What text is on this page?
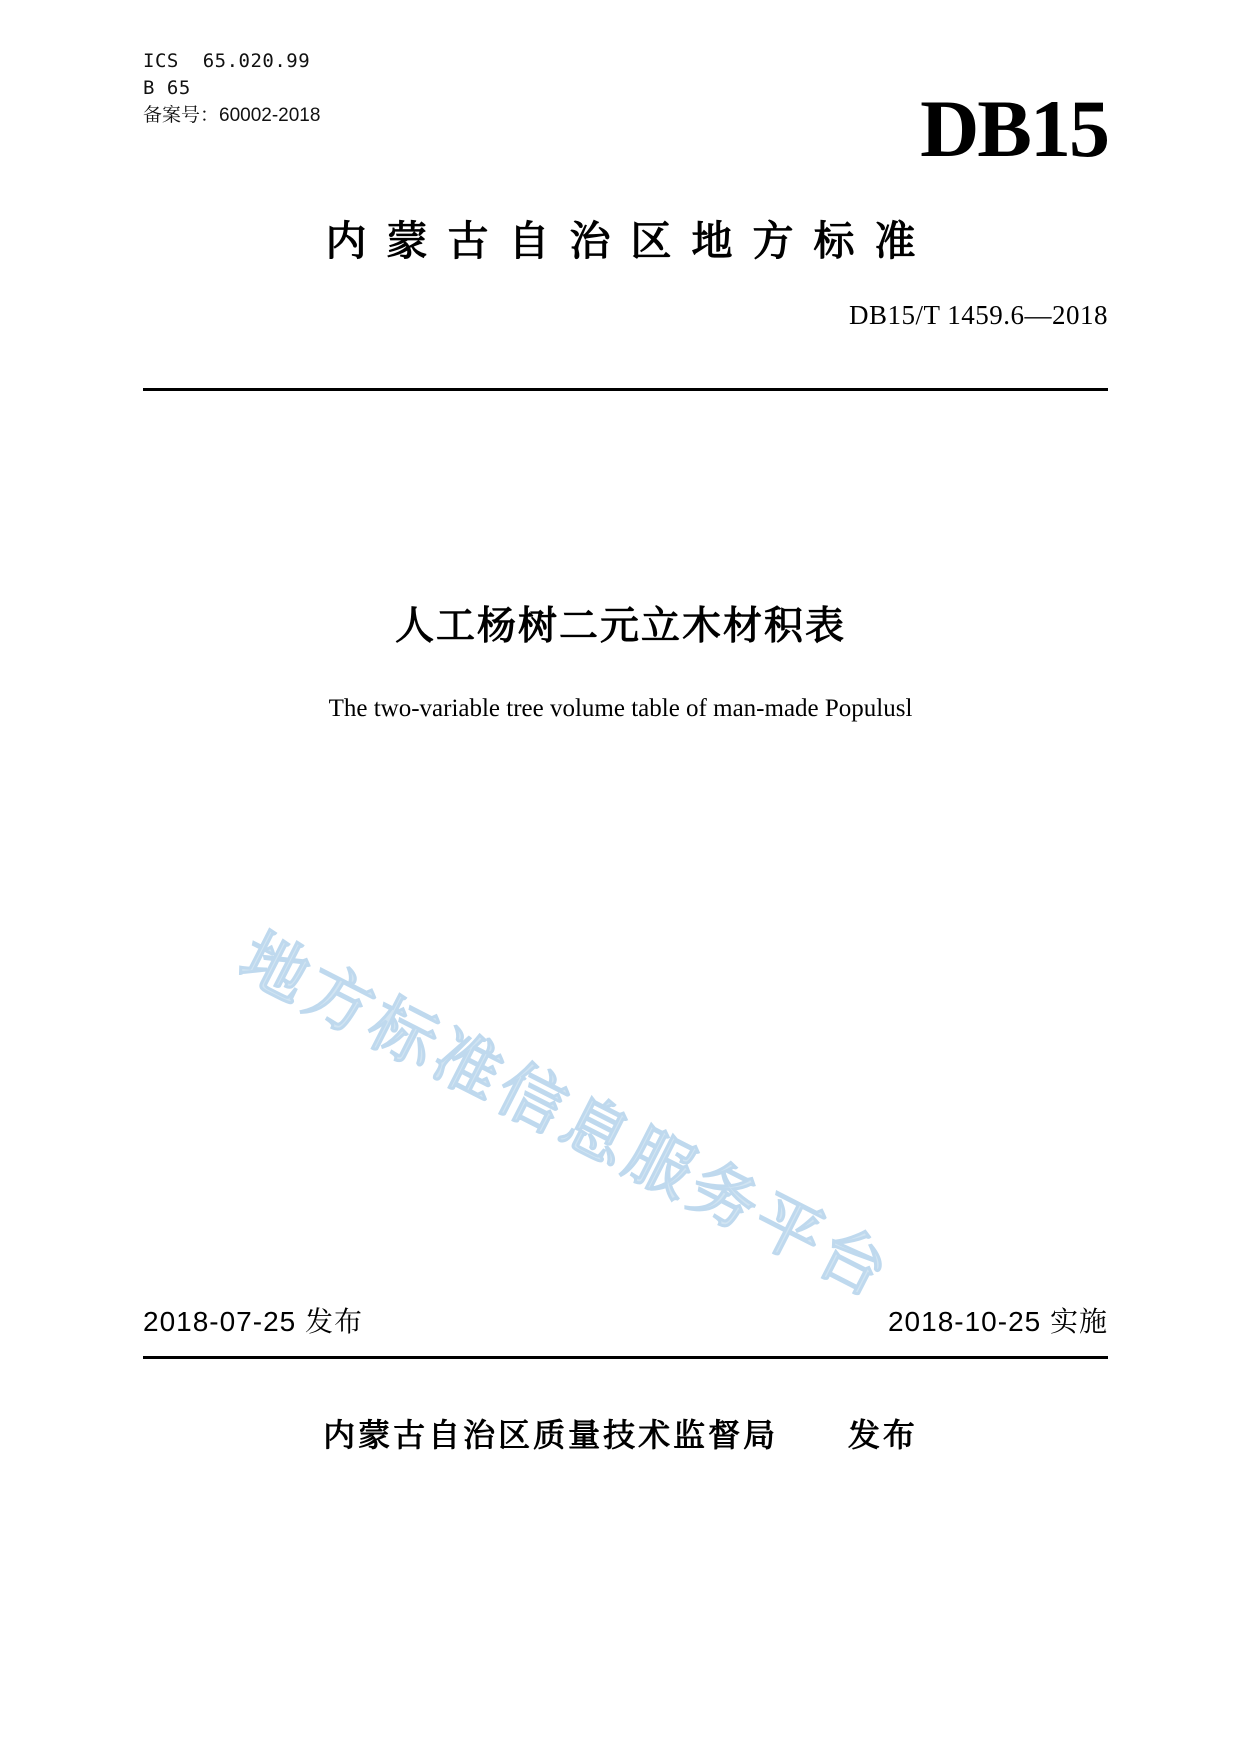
ICS  65.020.99
B 65
备案号：60002-2018	DB15
内蒙古自治区地方标准
DB15/T 1459.6—2018
人工杨树二元立木材积表
The two-variable tree volume table of man-made Populusl
地方标准信息服务平台
2018-07-25 发布	2018-10-25 实施
内蒙古自治区质量技术监督局 发布
